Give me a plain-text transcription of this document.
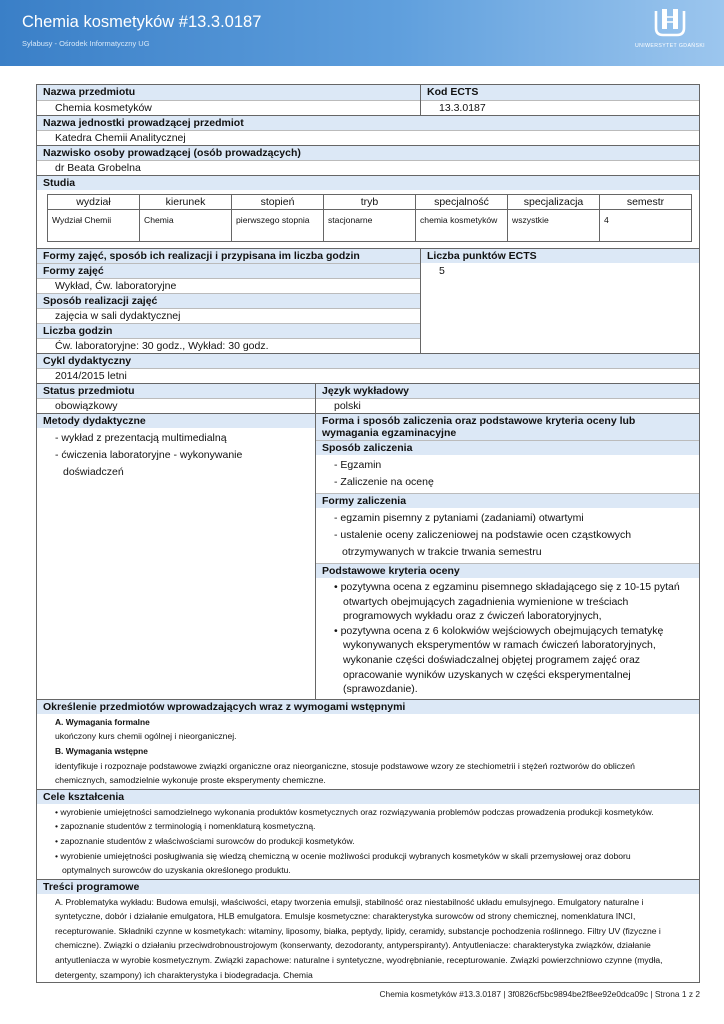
Chemia kosmetyków #13.3.0187
Sylabusy - Ośrodek Informatyczny UG	UNIWERSYTET GDAŃSKI
Nazwa przedmiotu
Chemia kosmetyków
Kod ECTS
13.3.0187
Nazwa jednostki prowadzącej przedmiot
Katedra Chemii Analitycznej
Nazwisko osoby prowadzącej (osób prowadzących)
dr Beata Grobelna
Studia
wydział	kierunek	stopień	tryb	specjalność	specjalizacja	semestr
Wydział Chemii	Chemia	pierwszego stopnia	stacjonarne	chemia kosmetyków	wszystkie	4
Formy zajęć, sposób ich realizacji i przypisana im liczba godzin
Formy zajęć
Wykład, Ćw. laboratoryjne
Sposób realizacji zajęć
zajęcia w sali dydaktycznej
Liczba godzin
Ćw. laboratoryjne: 30 godz., Wykład: 30 godz.
Liczba punktów ECTS
5
Cykl dydaktyczny
2014/2015 letni
Status przedmiotu
obowiązkowy
Język wykładowy
polski
Metody dydaktyczne
- wykład z prezentacją multimedialną
- ćwiczenia laboratoryjne - wykonywanie doświadczeń
Forma i sposób zaliczenia oraz podstawowe kryteria oceny lub wymagania egzaminacyjne
Sposób zaliczenia
- Egzamin
- Zaliczenie na ocenę
Formy zaliczenia
- egzamin pisemny z pytaniami (zadaniami) otwartymi
- ustalenie oceny zaliczeniowej na podstawie ocen cząstkowych otrzymywanych w trakcie trwania semestru
Podstawowe kryteria oceny
• pozytywna ocena z egzaminu pisemnego składającego się z 10-15 pytań otwartych obejmujących zagadnienia wymienione w treściach programowych wykładu oraz z ćwiczeń laboratoryjnych,
• pozytywna ocena z 6 kolokwiów wejściowych obejmujących tematykę wykonywanych eksperymentów w ramach ćwiczeń laboratoryjnych, wykonanie części doświadczalnej objętej programem zajęć oraz opracowanie wyników uzyskanych w części eksperymentalnej (sprawozdanie).
Określenie przedmiotów wprowadzających wraz z wymogami wstępnymi
A. Wymagania formalne
ukończony kurs chemii ogólnej i nieorganicznej.
B. Wymagania wstępne
identyfikuje i rozpoznaje podstawowe związki organiczne oraz nieorganiczne, stosuje podstawowe wzory ze stechiometrii i stężeń roztworów do obliczeń chemicznych, samodzielnie wykonuje proste eksperymenty chemiczne.
Cele kształcenia
• wyrobienie umiejętności samodzielnego wykonania produktów kosmetycznych oraz rozwiązywania problemów podczas prowadzenia produkcji kosmetyków.
• zapoznanie studentów z terminologią i nomenklaturą kosmetyczną.
• zapoznanie studentów z właściwościami surowców do produkcji kosmetyków.
• wyrobienie umiejętności posługiwania się wiedzą chemiczną w ocenie możliwości produkcji wybranych kosmetyków w skali przemysłowej oraz doboru optymalnych surowców do uzyskania określonego produktu.
Treści programowe
A. Problematyka wykładu: Budowa emulsji, właściwości, etapy tworzenia emulsji, stabilność oraz niestabilność układu emulsyjnego. Emulgatory naturalne i syntetyczne, dobór i działanie emulgatora, HLB emulgatora. Emulsje kosmetyczne: charakterystyka surowców od strony chemicznej, nomenklatura INCI, recepturowanie. Składniki czynne w kosmetykach: witaminy, liposomy, białka, peptydy, lipidy, ceramidy, substancje pochodzenia roślinnego. Filtry UV (fizyczne i chemiczne). Związki o działaniu przeciwdrobnoustrojowym (konserwanty, dezodoranty, antyperspiranty). Antyutleniacze: charakterystyka związków, działanie antyutleniacza w wyrobie kosmetycznym. Związki zapachowe: naturalne i syntetyczne, wyodrębnianie, recepturowanie. Związki powierzchniowo czynne (mydła, detergenty, szampony) ich charakterystyka i biodegradacja. Chemia
Chemia kosmetyków #13.3.0187 | 3f0826cf5bc9894be2f8ee92e0dca09c | Strona 1 z 2
